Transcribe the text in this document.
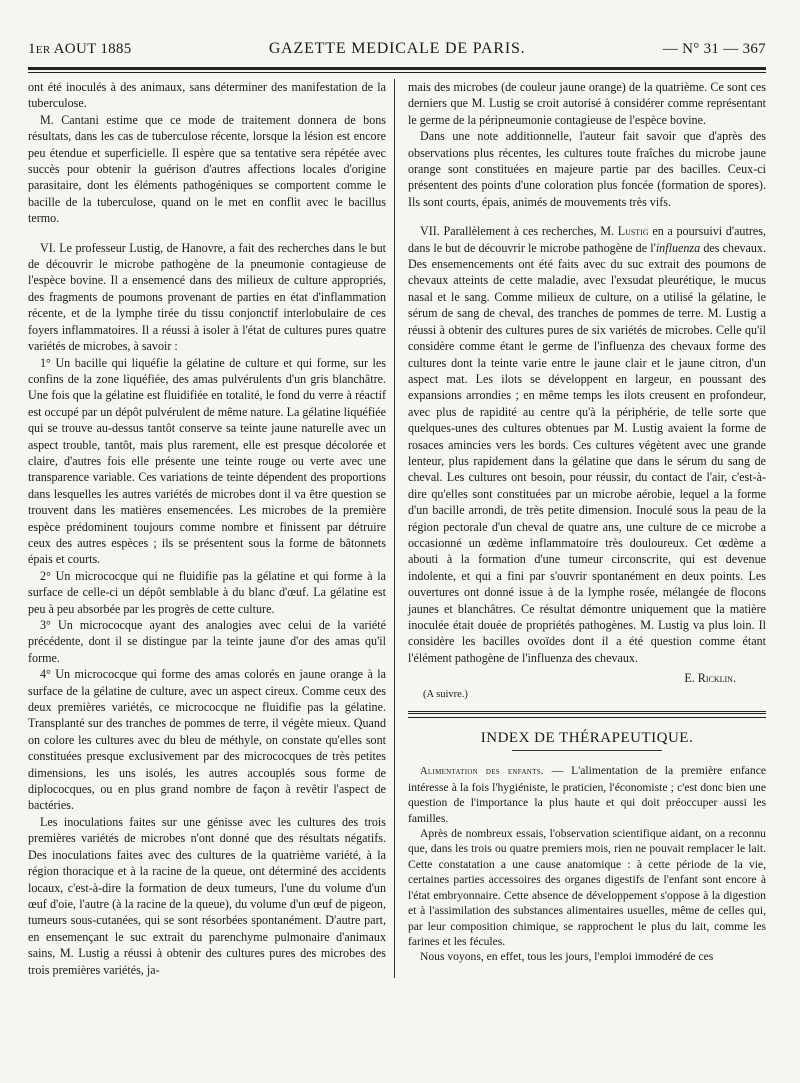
1er AOUT 1885	GAZETTE MEDICALE DE PARIS.	— N° 31 — 367

ont été inoculés à des animaux, sans déterminer des manifestation de la tuberculose.

M. Cantani estime que ce mode de traitement donnera de bons résultats, dans les cas de tuberculose récente, lorsque la lésion est encore peu étendue et superficielle. Il espère que sa tentative sera répétée avec succès pour obtenir la guérison d'autres affections locales d'origine parasitaire, dont les éléments pathogéniques se comportent comme le bacille de la tuberculose, quand on le met en conflit avec le bacillus termo.

VI. Le professeur Lustig, de Hanovre, a fait des recherches dans le but de découvrir le microbe pathogène de la pneumonie contagieuse de l'espèce bovine. Il a ensemencé dans des milieux de culture appropriés, des fragments de poumons provenant de parties en état d'inflammation récente, et de la lymphe tirée du tissu conjonctif interlobulaire de ces foyers inflammatoires. Il a réussi à isoler à l'état de cultures pures quatre variétés de microbes, à savoir :

1° Un bacille qui liquéfie la gélatine de culture et qui forme, sur les confins de la zone liquéfiée, des amas pulvérulents d'un gris blanchâtre. Une fois que la gélatine est fluidifiée en totalité, le fond du verre à réactif est occupé par un dépôt pulvérulent de même nature. La gélatine liquéfiée qui se trouve au-dessus tantôt conserve sa teinte jaune naturelle avec un aspect trouble, tantôt, mais plus rarement, elle est presque décolorée et claire, d'autres fois elle présente une teinte rouge ou verte avec une transparence variable. Ces variations de teinte dépendent des proportions dans lesquelles les autres variétés de microbes dont il va être question se trouvent dans les matières ensemencées. Les microbes de la première espèce prédominent toujours comme nombre et finissent par détruire ceux des autres espèces ; ils se présentent sous la forme de bâtonnets épais et courts.

2° Un micrococque qui ne fluidifie pas la gélatine et qui forme à la surface de celle-ci un dépôt semblable à du blanc d'œuf. La gélatine est peu à peu absorbée par les progrès de cette culture.

3° Un micrococque ayant des analogies avec celui de la variété précédente, dont il se distingue par la teinte jaune d'or des amas qu'il forme.

4° Un micrococque qui forme des amas colorés en jaune orange à la surface de la gélatine de culture, avec un aspect cireux. Comme ceux des deux premières variétés, ce micrococque ne fluidifie pas la gélatine. Transplanté sur des tranches de pommes de terre, il végète mieux. Quand on colore les cultures avec du bleu de méthyle, on constate qu'elles sont constituées presque exclusivement par des micrococques de très petites dimensions, les uns isolés, les autres accouplés sous forme de diplococques, ou en plus grand nombre de façon à revêtir l'aspect de bactéries.

Les inoculations faites sur une génisse avec les cultures des trois premières variétés de microbes n'ont donné que des résultats négatifs. Des inoculations faites avec des cultures de la quatrième variété, à la région thoracique et à la racine de la queue, ont déterminé des accidents locaux, c'est-à-dire la formation de deux tumeurs, l'une du volume d'un œuf d'oie, l'autre (à la racine de la queue), du volume d'un œuf de pigeon, tumeurs sous-cutanées, qui se sont résorbées spontanément. D'autre part, en ensemençant le suc extrait du parenchyme pulmonaire d'animaux sains, M. Lustig a réussi à obtenir des cultures pures des microbes des trois premières variétés, ja-

mais des microbes (de couleur jaune orange) de la quatrième. Ce sont ces derniers que M. Lustig se croit autorisé à considérer comme représentant le germe de la péripneumonie contagieuse de l'espèce bovine.

Dans une note additionnelle, l'auteur fait savoir que d'après des observations plus récentes, les cultures toute fraîches du microbe jaune orange sont constituées en majeure partie par des bacilles. Ceux-ci présentent des points d'une coloration plus foncée (formation de spores). Ils sont courts, épais, animés de mouvements très vifs.

VII. Parallèlement à ces recherches, M. Lustig en a poursuivi d'autres, dans le but de découvrir le microbe pathogène de l'influenza des chevaux. Des ensemencements ont été faits avec du suc extrait des poumons de chevaux atteints de cette maladie, avec l'exsudat pleurétique, le mucus nasal et le sang. Comme milieux de culture, on a utilisé la gélatine, le sérum de sang de cheval, des tranches de pommes de terre. M. Lustig a réussi à obtenir des cultures pures de six variétés de microbes. Celle qu'il considère comme étant le germe de l'influenza des chevaux forme des cultures dont la teinte varie entre le jaune clair et le jaune citron, d'un aspect mat. Les ilots se développent en largeur, en poussant des expansions arrondies ; en même temps les ilots creusent en profondeur, avec plus de rapidité au centre qu'à la périphérie, de telle sorte que quelques-unes des cultures obtenues par M. Lustig avaient la forme de rosaces amincies vers les bords. Ces cultures végètent avec une grande lenteur, plus rapidement dans la gélatine que dans le sérum du sang de cheval. Les cultures ont besoin, pour réussir, du contact de l'air, c'est-à-dire qu'elles sont constituées par un microbe aérobie, lequel a la forme d'un bacille arrondi, de très petite dimension. Inoculé sous la peau de la région pectorale d'un cheval de quatre ans, une culture de ce microbe a occasionné un œdème inflammatoire très douloureux. Cet œdème a abouti à la formation d'une tumeur circonscrite, qui est devenue indolente, et qui a fini par s'ouvrir spontanément en deux points. Les ouvertures ont donné issue à de la lymphe rosée, mélangée de flocons jaunes et blanchâtres. Ce résultat démontre uniquement que la matière inoculée était douée de propriétés pathogènes. M. Lustig va plus loin. Il considère les bacilles ovoïdes dont il a été question comme étant l'élément pathogène de l'influenza des chevaux.

E. Ricklin.
(A suivre.)
INDEX DE THÉRAPEUTIQUE.

Alimentation des enfants. — L'alimentation de la première enfance intéresse à la fois l'hygiéniste, le praticien, l'économiste ; c'est donc bien une question de l'importance la plus haute et qui doit préoccuper aussi les familles.

Après de nombreux essais, l'observation scientifique aidant, on a reconnu que, dans les trois ou quatre premiers mois, rien ne pouvait remplacer le lait. Cette constatation a une cause anatomique : à cette période de la vie, certaines parties accessoires des organes digestifs de l'enfant sont encore à l'état embryonnaire. Cette absence de développement s'oppose à la digestion et à l'assimilation des substances alimentaires usuelles, même de celles qui, par leur composition chimique, se rapprochent le plus du lait, comme les farines et les fécules.

Nous voyons, en effet, tous les jours, l'emploi immodéré de ces
